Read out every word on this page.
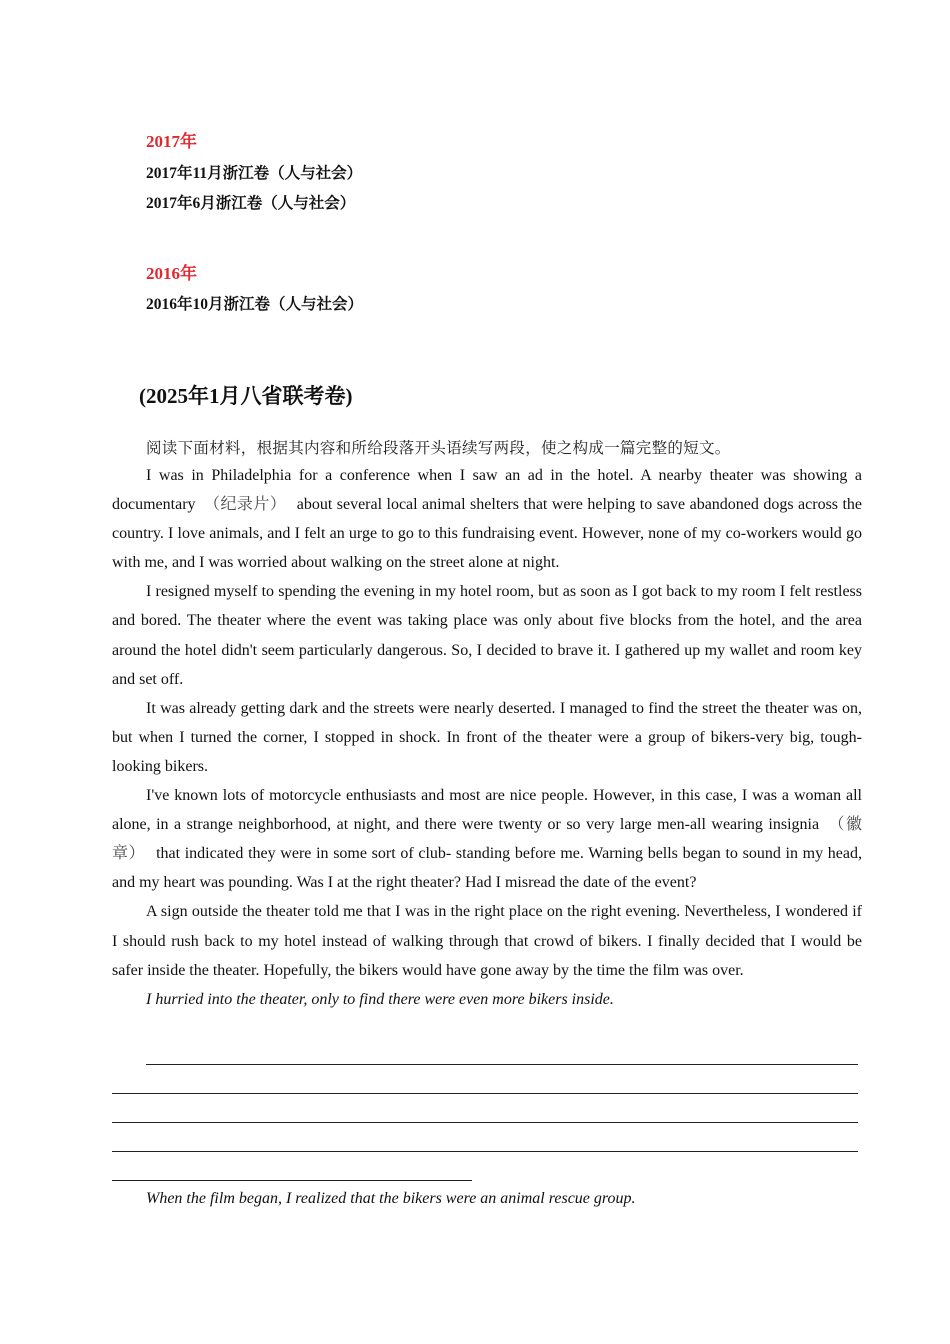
2017年
2017年11月浙江卷（人与社会）
2017年6月浙江卷（人与社会）
2016年
2016年10月浙江卷（人与社会）
(2025年1月八省联考卷)
阅读下面材料，根据其内容和所给段落开头语续写两段，使之构成一篇完整的短文。

I was in Philadelphia for a conference when I saw an ad in the hotel. A nearby theater was showing a documentary （纪录片） about several local animal shelters that were helping to save abandoned dogs across the country. I love animals, and I felt an urge to go to this fundraising event. However, none of my co-workers would go with me, and I was worried about walking on the street alone at night.

I resigned myself to spending the evening in my hotel room, but as soon as I got back to my room I felt restless and bored. The theater where the event was taking place was only about five blocks from the hotel, and the area around the hotel didn't seem particularly dangerous. So, I decided to brave it. I gathered up my wallet and room key and set off.

It was already getting dark and the streets were nearly deserted. I managed to find the street the theater was on, but when I turned the corner, I stopped in shock. In front of the theater were a group of bikers-very big, tough-looking bikers.

I've known lots of motorcycle enthusiasts and most are nice people. However, in this case, I was a woman all alone, in a strange neighborhood, at night, and there were twenty or so very large men-all wearing insignia （徽章） that indicated they were in some sort of club- standing before me. Warning bells began to sound in my head, and my heart was pounding. Was I at the right theater? Had I misread the date of the event?

A sign outside the theater told me that I was in the right place on the right evening. Nevertheless, I wondered if I should rush back to my hotel instead of walking through that crowd of bikers. I finally decided that I would be safer inside the theater. Hopefully, the bikers would have gone away by the time the film was over.

I hurried into the theater, only to find there were even more bikers inside.

When the film began, I realized that the bikers were an animal rescue group.
